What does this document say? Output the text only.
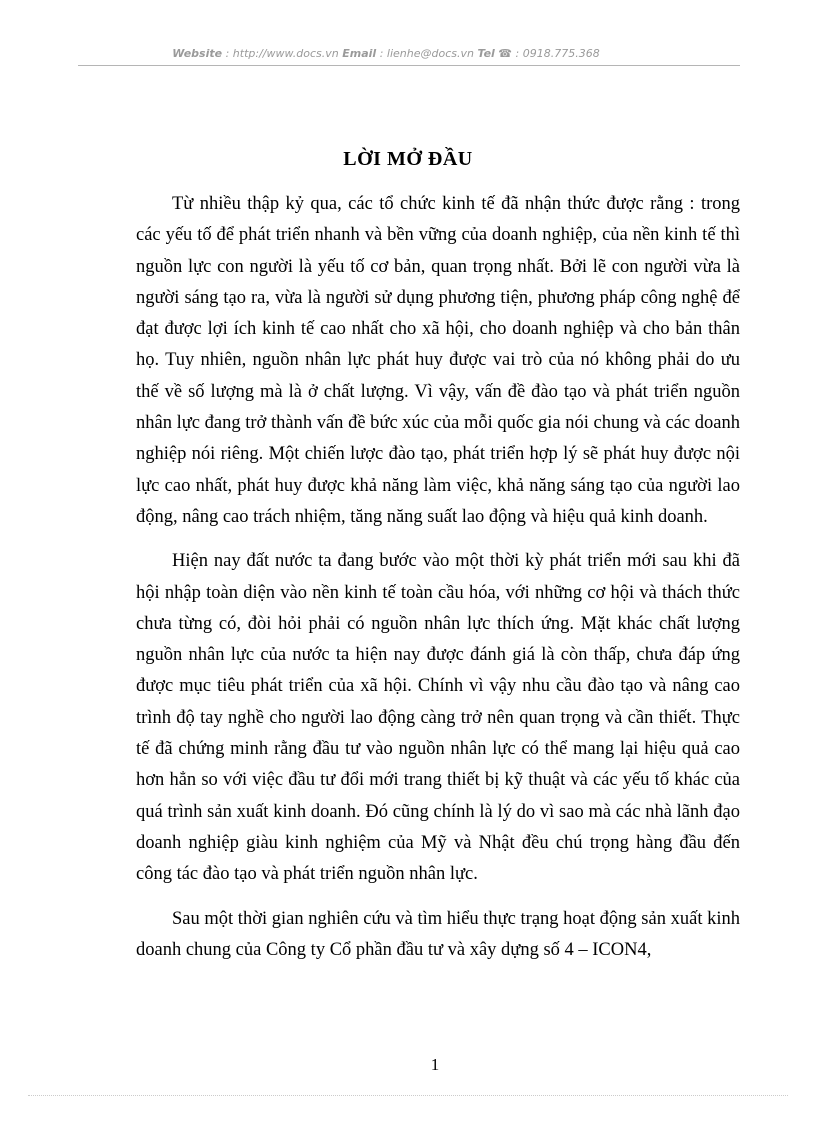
Website : http://www.docs.vn Email : lienhe@docs.vn Tel ☎ : 0918.775.368
LỜI MỞ ĐẦU

Từ nhiều thập kỷ qua, các tổ chức kinh tế đã nhận thức được rằng : trong các yếu tố để phát triển nhanh và bền vững của doanh nghiệp, của nền kinh tế thì nguồn lực con người là yếu tố cơ bản, quan trọng nhất. Bởi lẽ con người vừa là người sáng tạo ra, vừa là người sử dụng phương tiện, phương pháp công nghệ để đạt được lợi ích kinh tế cao nhất cho xã hội, cho doanh nghiệp và cho bản thân họ. Tuy nhiên, nguồn nhân lực phát huy được vai trò của nó không phải do ưu thế về số lượng mà là ở chất lượng. Vì vậy, vấn đề đào tạo và phát triển nguồn nhân lực đang trở thành vấn đề bức xúc của mỗi quốc gia nói chung và các doanh nghiệp nói riêng. Một chiến lược đào tạo, phát triển hợp lý sẽ phát huy được nội lực cao nhất, phát huy được khả năng làm việc, khả năng sáng tạo của người lao động, nâng cao trách nhiệm, tăng năng suất lao động và hiệu quả kinh doanh.

Hiện nay đất nước ta đang bước vào một thời kỳ phát triển mới sau khi đã hội nhập toàn diện vào nền kinh tế toàn cầu hóa, với những cơ hội và thách thức chưa từng có, đòi hỏi phải có nguồn nhân lực thích ứng. Mặt khác chất lượng nguồn nhân lực của nước ta hiện nay được đánh giá là còn thấp, chưa đáp ứng được mục tiêu phát triển của xã hội. Chính vì vậy nhu cầu đào tạo và nâng cao trình độ tay nghề cho người lao động càng trở nên quan trọng và cần thiết. Thực tế đã chứng minh rằng đầu tư vào nguồn nhân lực có thể mang lại hiệu quả cao hơn hẳn so với việc đầu tư đổi mới trang thiết bị kỹ thuật và các yếu tố khác của quá trình sản xuất kinh doanh. Đó cũng chính là lý do vì sao mà các nhà lãnh đạo doanh nghiệp giàu kinh nghiệm của Mỹ và Nhật đều chú trọng hàng đầu đến công tác đào tạo và phát triển nguồn nhân lực.

Sau một thời gian nghiên cứu và tìm hiểu thực trạng hoạt động sản xuất kinh doanh chung của Công ty Cổ phần đầu tư và xây dựng số 4 – ICON4,

1
